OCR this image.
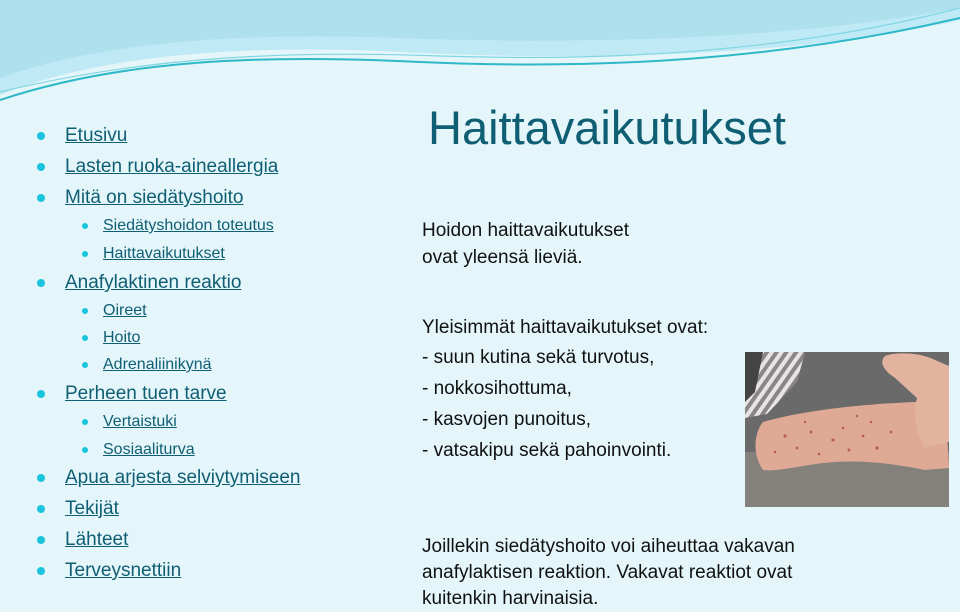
Etusivu
Lasten ruoka-aineallergia
Mitä on siedätyshoito
Siedätyshoidon toteutus
Haittavaikutukset
Anafylaktinen reaktio
Oireet
Hoito
Adrenaliinikynä
Perheen tuen tarve
Vertaistuki
Sosiaaliturva
Apua arjesta selviytymiseen
Tekijät
Lähteet
Terveysnettiin
Haittavaikutukset

Hoidon haittavaikutukset

ovat yleensä lieviä.

Yleisimmät haittavaikutukset ovat:

- suun kutina sekä turvotus,

- nokkosihottuma,

- kasvojen punoitus,

- vatsakipu sekä pahoinvointi.

Joillekin siedätyshoito voi aiheuttaa vakavan

anafylaktisen reaktion. Vakavat reaktiot ovat

kuitenkin harvinaisia.
